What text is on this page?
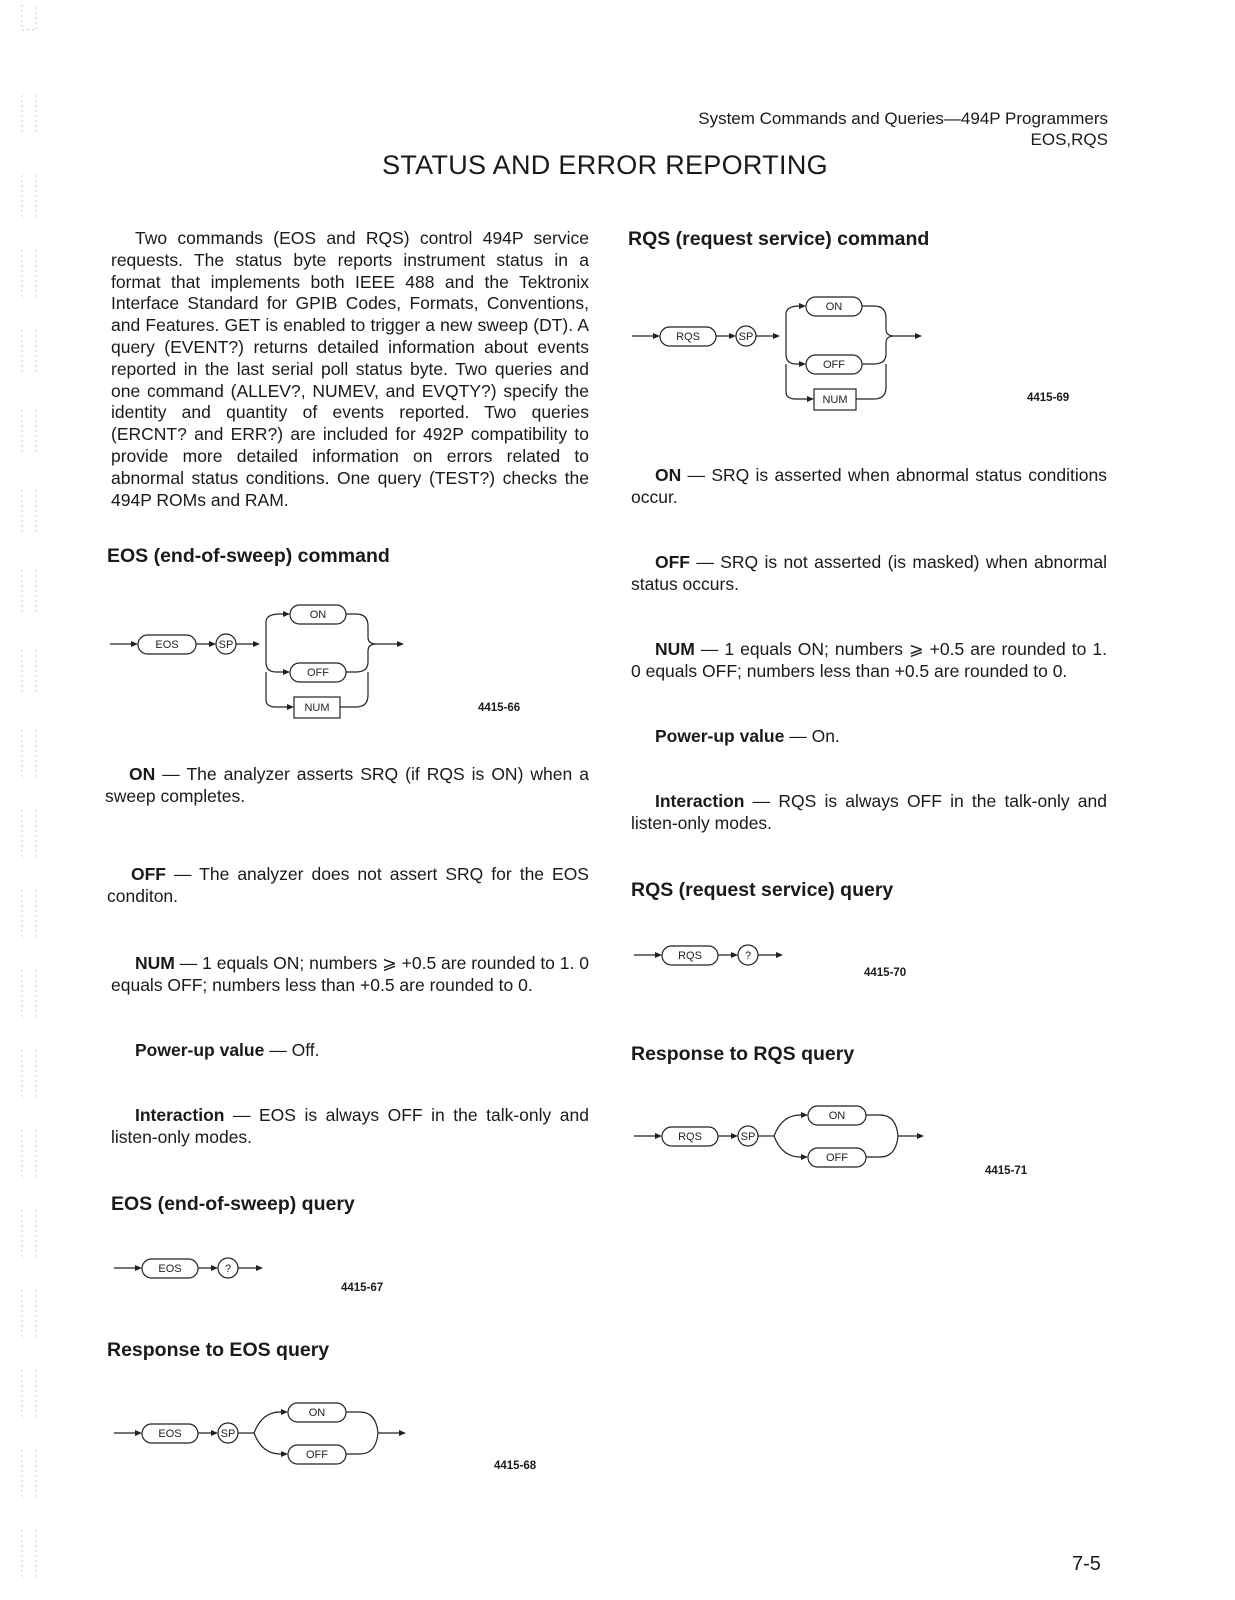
System Commands and Queries—494P Programmers
EOS,RQS
STATUS AND ERROR REPORTING

Two commands (EOS and RQS) control 494P service requests. The status byte reports instrument status in a format that implements both IEEE 488 and the Tektronix Interface Standard for GPIB Codes, Formats, Conventions, and Features. GET is enabled to trigger a new sweep (DT). A query (EVENT?) returns detailed information about events reported in the last serial poll status byte. Two queries and one command (ALLEV?, NUMEV, and EVQTY?) specify the identity and quantity of events reported. Two queries (ERCNT? and ERR?) are included for 492P compatibility to provide more detailed information on errors related to abnormal status conditions. One query (TEST?) checks the 494P ROMs and RAM.

EOS (end-of-sweep) command
EOS	SP
ON
OFF
NUM	4415-66

ON — The analyzer asserts SRQ (if RQS is ON) when a sweep completes.

OFF — The analyzer does not assert SRQ for the EOS conditon.

NUM — 1 equals ON; numbers ⩾ +0.5 are rounded to 1. 0 equals OFF; numbers less than +0.5 are rounded to 0.

Power-up value — Off.

Interaction — EOS is always OFF in the talk-only and listen-only modes.

EOS (end-of-sweep) query
EOS	?
4415-67
Response to EOS query
EOS	SP
ON
OFF
4415-68
RQS (request service) command
RQS	SP
ON
OFF
NUM	4415-69

ON — SRQ is asserted when abnormal status conditions occur.

OFF — SRQ is not asserted (is masked) when abnormal status occurs.

NUM — 1 equals ON; numbers ⩾ +0.5 are rounded to 1. 0 equals OFF; numbers less than +0.5 are rounded to 0.

Power-up value — On.

Interaction — RQS is always OFF in the talk-only and listen-only modes.

RQS (request service) query
RQS	?
4415-70
Response to RQS query
RQS	SP
ON
OFF
4415-71
7-5
